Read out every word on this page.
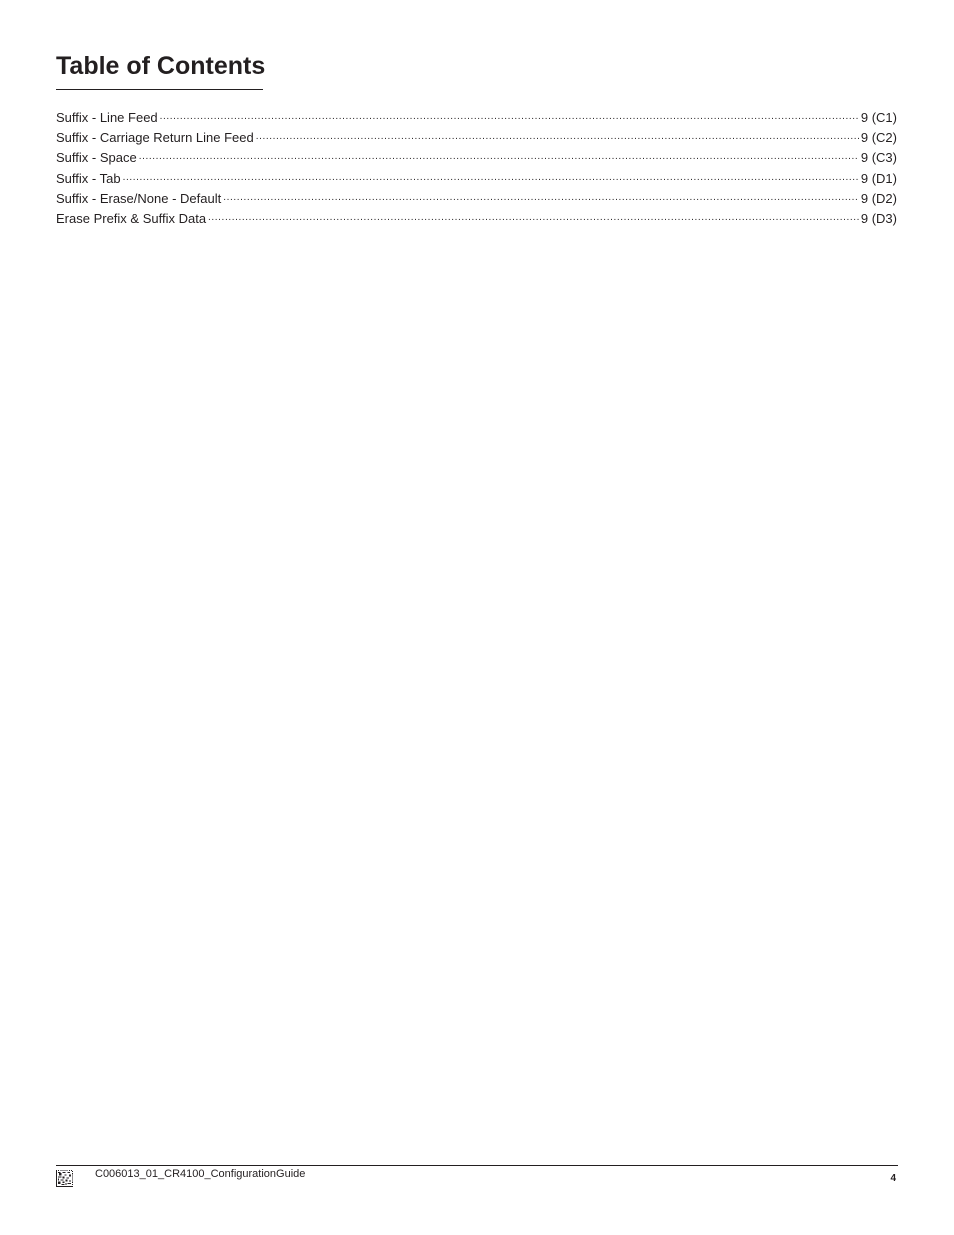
Table of Contents
Suffix - Line Feed .....	9 (C1)
Suffix - Carriage Return Line Feed .....	9 (C2)
Suffix - Space .....	9 (C3)
Suffix - Tab .....	9 (D1)
Suffix - Erase/None - Default .....	9 (D2)
Erase Prefix & Suffix Data .....	9 (D3)
C006013_01_CR4100_ConfigurationGuide	4
